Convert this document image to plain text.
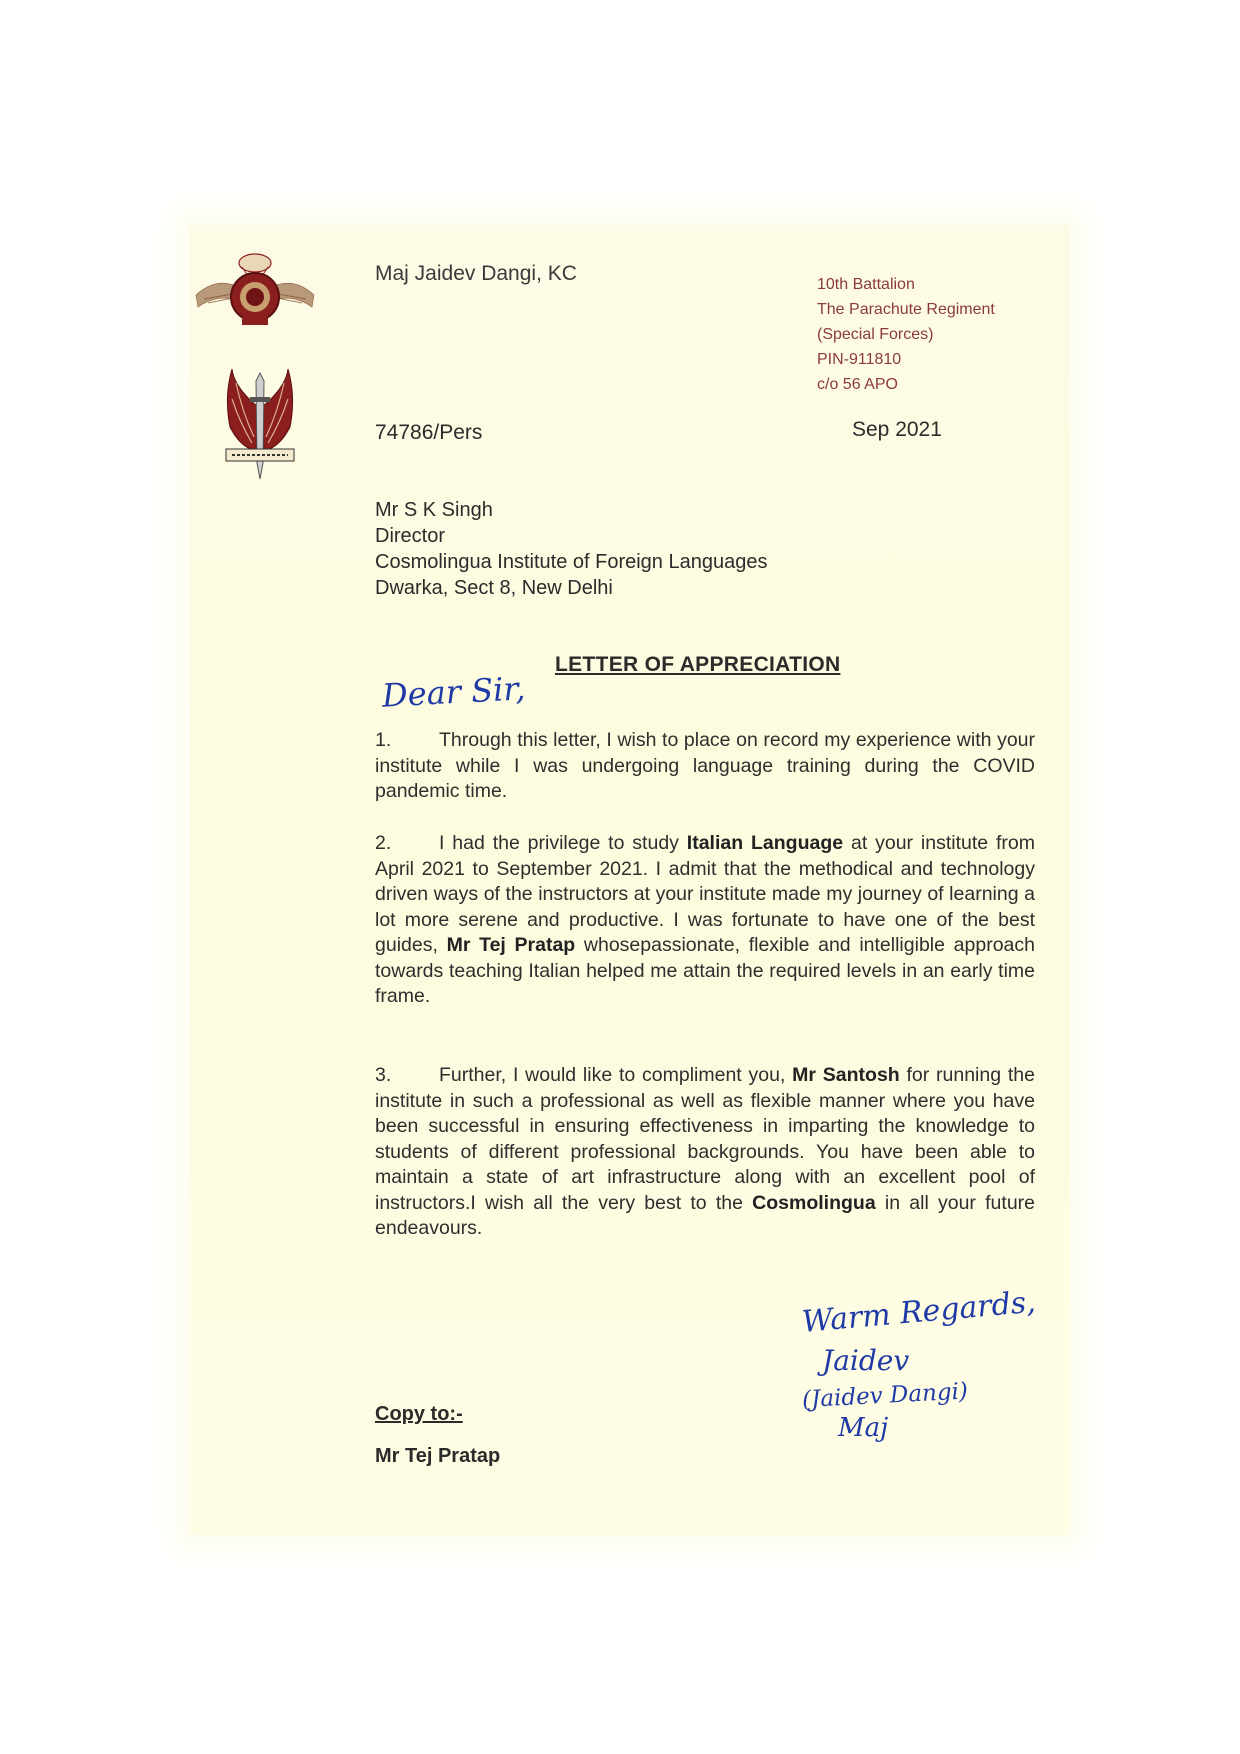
Maj Jaidev Dangi, KC	10th Battalion
The Parachute Regiment
(Special Forces)
PIN-911810
c/o 56 APO
74786/Pers	Sep 2021
Mr S K Singh
Director
Cosmolingua Institute of Foreign Languages
Dwarka, Sect 8, New Delhi
LETTER OF APPRECIATION
Dear Sir,
1. Through this letter, I wish to place on record my experience with your institute while I was undergoing language training during the COVID pandemic time.
2. I had the privilege to study Italian Language at your institute from April 2021 to September 2021. I admit that the methodical and technology driven ways of the instructors at your institute made my journey of learning a lot more serene and productive. I was fortunate to have one of the best guides, Mr Tej Pratap whosepassionate, flexible and intelligible approach towards teaching Italian helped me attain the required levels in an early time frame.
3. Further, I would like to compliment you, Mr Santosh for running the institute in such a professional as well as flexible manner where you have been successful in ensuring effectiveness in imparting the knowledge to students of different professional backgrounds. You have been able to maintain a state of art infrastructure along with an excellent pool of instructors.I wish all the very best to the Cosmolingua in all your future endeavours.
Warm Regards,
Jaidev
(Jaidev Dangi)
Maj
Copy to:-
Mr Tej Pratap
